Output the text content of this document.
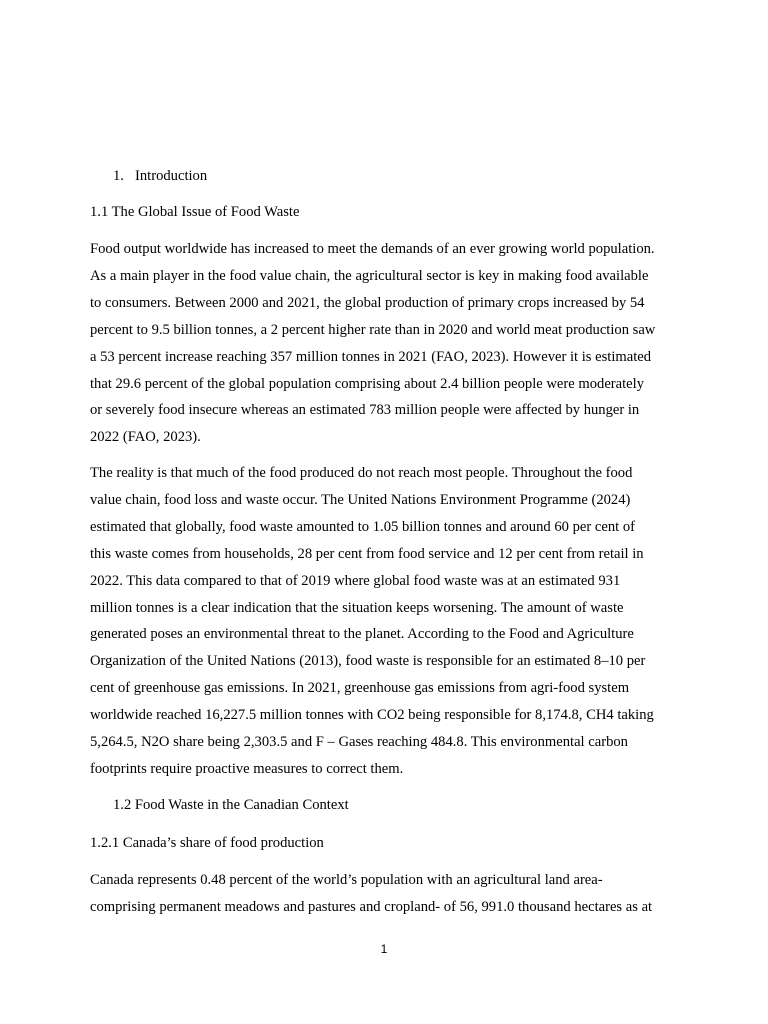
1. Introduction
1.1 The Global Issue of Food Waste
Food output worldwide has increased to meet the demands of an ever growing world population.
As a main player in the food value chain, the agricultural sector is key in making food available
to consumers. Between 2000 and 2021, the global production of primary crops increased by 54
percent to 9.5 billion tonnes, a 2 percent higher rate than in 2020 and world meat production saw
a 53 percent increase reaching 357 million tonnes in 2021 (FAO, 2023). However it is estimated
that 29.6 percent of the global population comprising about 2.4 billion people were moderately
or severely food insecure whereas an estimated 783 million people were affected by hunger in
2022 (FAO, 2023).
The reality is that much of the food produced do not reach most people. Throughout the food
value chain, food loss and waste occur. The United Nations Environment Programme (2024)
estimated that globally, food waste amounted to 1.05 billion tonnes and around 60 per cent of
this waste comes from households, 28 per cent from food service and 12 per cent from retail in
2022. This data compared to that of 2019 where global food waste was at an estimated 931
million tonnes is a clear indication that the situation keeps worsening. The amount of waste
generated poses an environmental threat to the planet. According to the Food and Agriculture
Organization of the United Nations (2013), food waste is responsible for an estimated 8–10 per
cent of greenhouse gas emissions. In 2021, greenhouse gas emissions from agri-food system
worldwide reached 16,227.5 million tonnes with CO2 being responsible for 8,174.8, CH4 taking
5,264.5, N2O share being 2,303.5 and F – Gases reaching 484.8. This environmental carbon
footprints require proactive measures to correct them.
1.2 Food Waste in the Canadian Context
1.2.1 Canada’s share of food production
Canada represents 0.48 percent of the world’s population with an agricultural land area-
comprising permanent meadows and pastures and cropland- of 56, 991.0 thousand hectares as at
1
